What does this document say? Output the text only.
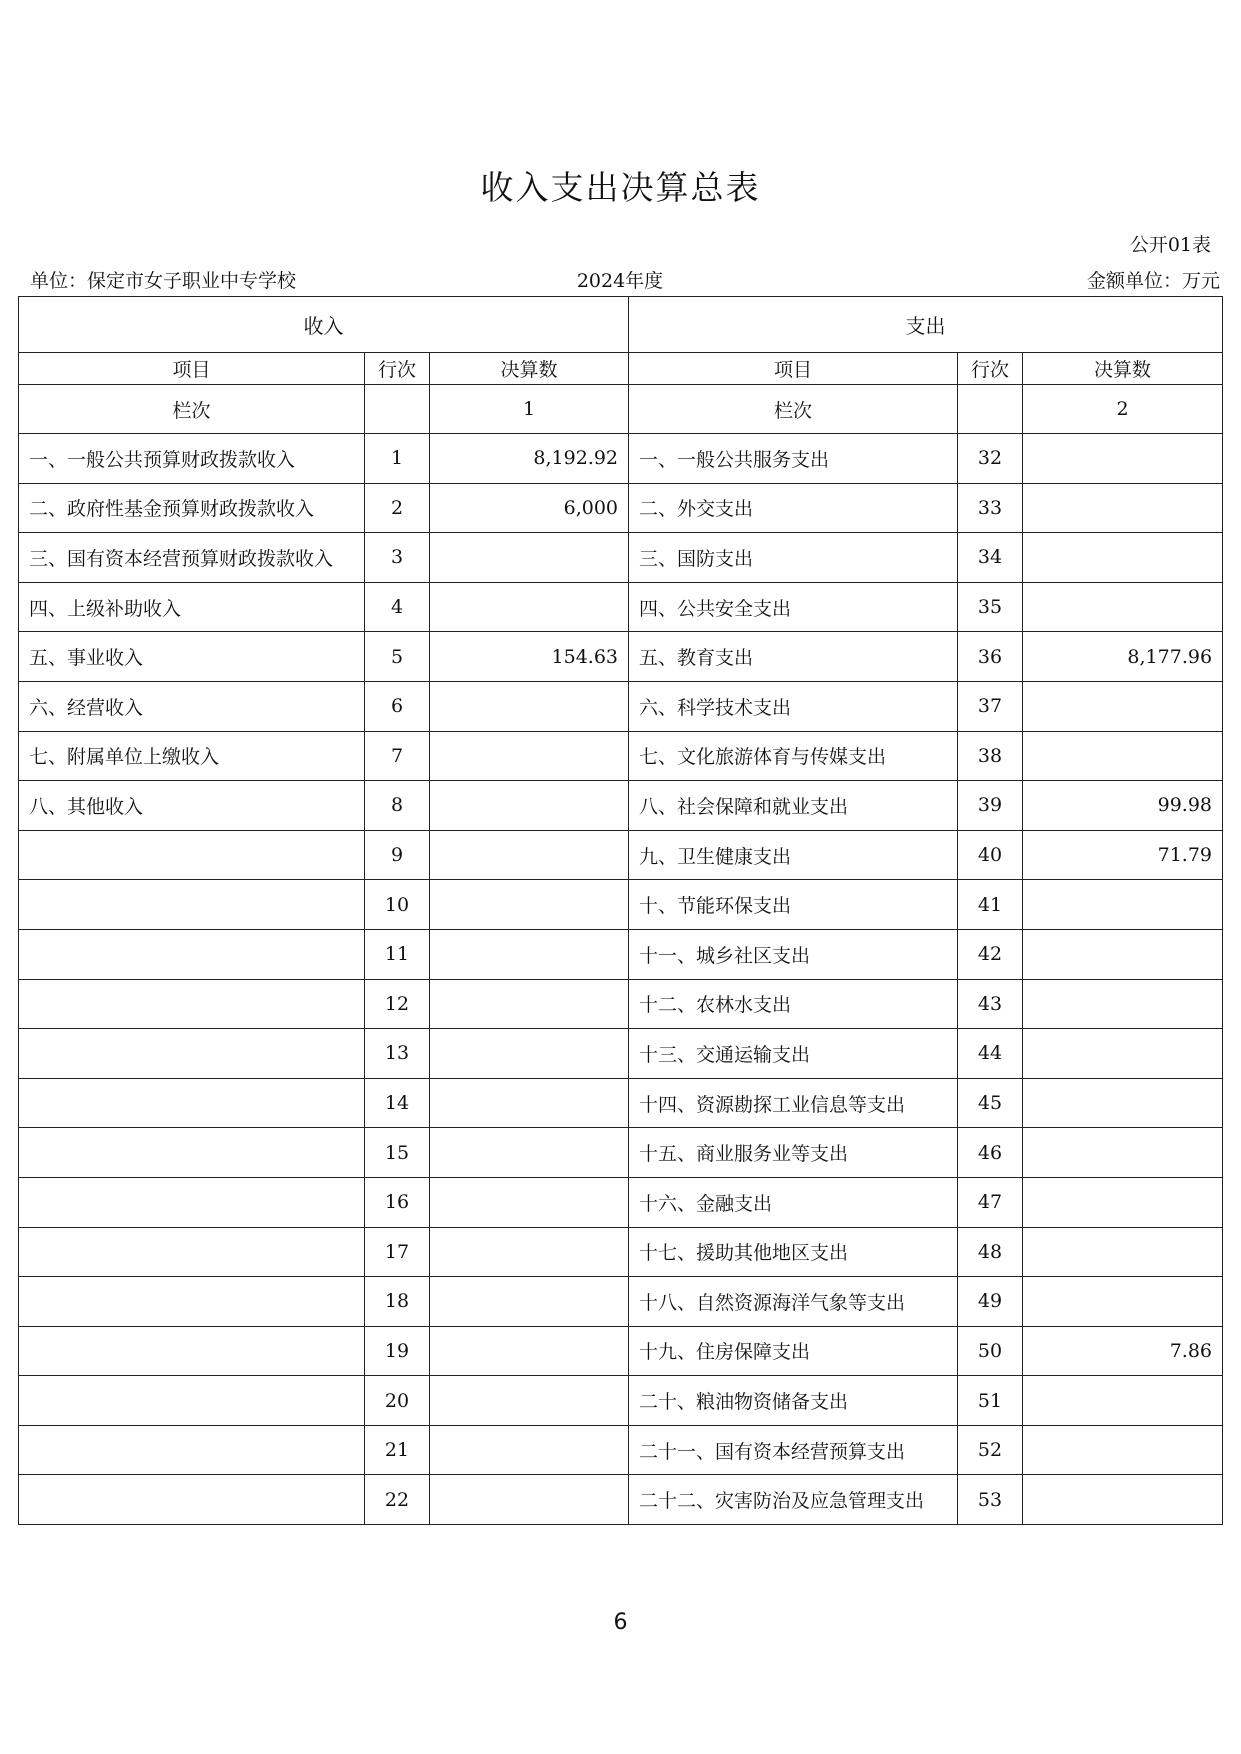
收入支出决算总表
公开01表
2024年度
单位：保定市女子职业中专学校	金额单位：万元
收入			支出		
项目	行次	决算数	项目	行次	决算数
栏次		1	栏次		2
一、一般公共预算财政拨款收入	1	8,192.92	一、一般公共服务支出	32	
二、政府性基金预算财政拨款收入	2	6,000	二、外交支出	33	
三、国有资本经营预算财政拨款收入	3		三、国防支出	34	
四、上级补助收入	4		四、公共安全支出	35	
五、事业收入	5	154.63	五、教育支出	36	8,177.96
六、经营收入	6		六、科学技术支出	37	
七、附属单位上缴收入	7		七、文化旅游体育与传媒支出	38	
八、其他收入	8		八、社会保障和就业支出	39	99.98
	9		九、卫生健康支出	40	71.79
	10		十、节能环保支出	41	
	11		十一、城乡社区支出	42	
	12		十二、农林水支出	43	
	13		十三、交通运输支出	44	
	14		十四、资源勘探工业信息等支出	45	
	15		十五、商业服务业等支出	46	
	16		十六、金融支出	47	
	17		十七、援助其他地区支出	48	
	18		十八、自然资源海洋气象等支出	49	
	19		十九、住房保障支出	50	7.86
	20		二十、粮油物资储备支出	51	
	21		二十一、国有资本经营预算支出	52	
	22		二十二、灾害防治及应急管理支出	53	
6
